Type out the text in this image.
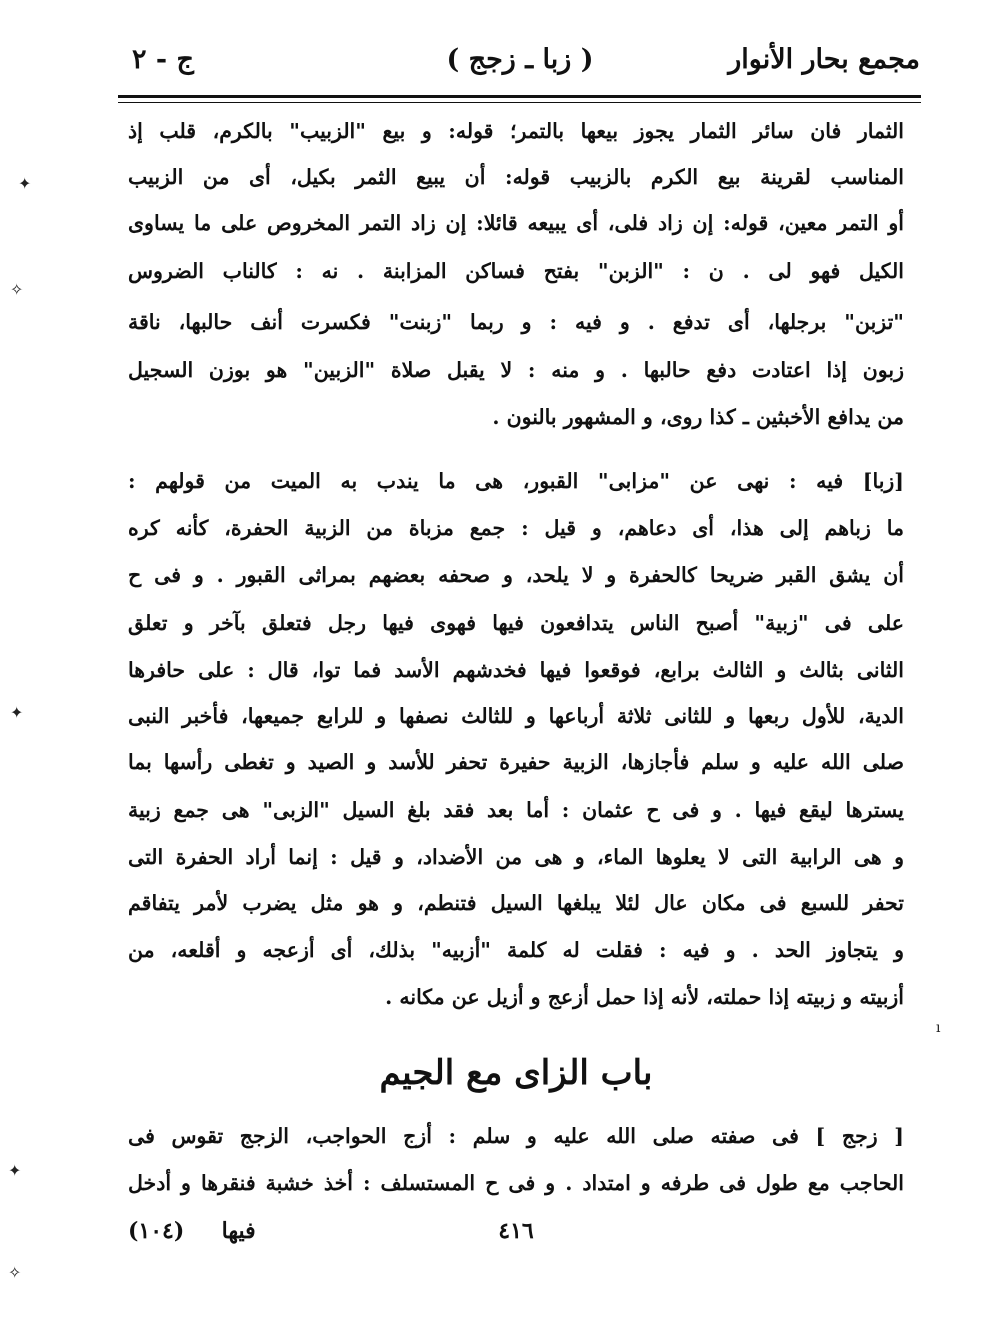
مجمع بحار الأنوار
( زبا ـ زجج )
ج - ٢
الثمار فان سائر الثمار يجوز بيعها بالتمر؛ قوله: و بيع "الزبيب" بالكرم، قلب إذ
المناسب لقرينة بيع الكرم بالزبيب قوله: أن يبيع الثمر بكيل، أى من الزبيب
أو التمر معين، قوله: إن زاد فلى، أى يبيعه قائلا: إن زاد التمر المخروص على ما يساوى
الكيل فهو لى . ن : "الزبن" بفتح فساكن المزابنة . نه : كالناب الضروس
"تزبن" برجلها، أى تدفع . و فيه : و ربما "زبنت" فكسرت أنف حالبها، ناقة
زبون إذا اعتادت دفع حالبها . و منه : لا يقبل صلاة "الزبين" هو بوزن السجيل
من يدافع الأخبثين ـ كذا روى، و المشهور بالنون .
[زبا] فيه : نهى عن "مزابى" القبور، هى ما يندب به الميت من قولهم :
ما زباهم إلى هذا، أى دعاهم، و قيل : جمع مزباة من الزبية الحفرة، كأنه كره
أن يشق القبر ضريحا كالحفرة و لا يلحد، و صحفه بعضهم بمراثى القبور . و فى ح
على فى "زبية" أصبح الناس يتدافعون فيها فهوى فيها رجل فتعلق بآخر و تعلق
الثانى بثالث و الثالث برابع، فوقعوا فيها فخدشهم الأسد فما توا، قال : على حافرها
الدية، للأول ربعها و للثانى ثلاثة أرباعها و للثالث نصفها و للرابع جميعها، فأخبر النبى
صلى الله عليه و سلم فأجازها، الزبية حفيرة تحفر للأسد و الصيد و تغطى رأسها بما
يسترها ليقع فيها . و فى ح عثمان : أما بعد فقد بلغ السيل "الزبى" هى جمع زبية
و هى الرابية التى لا يعلوها الماء، و هى من الأضداد، و قيل : إنما أراد الحفرة التى
تحفر للسبع فى مكان عال لئلا يبلغها السيل فتنطم، و هو مثل يضرب لأمر يتفاقم
و يتجاوز الحد . و فيه : فقلت له كلمة "أزبيه" بذلك، أى أزعجه و أقلعه، من
أزبيته و زبيته إذا حملته، لأنه إذا حمل أزعج و أزيل عن مكانه .
باب الزاى مع الجيم
[ زجج ] فى صفته صلى الله عليه و سلم : أزج الحواجب، الزجج تقوس فى
الحاجب مع طول فى طرفه و امتداد . و فى ح المستسلف : أخذ خشبة فنقرها و أدخل
٤١٦
فيها  (١٠٤)
✦
✧
✦
✦
✧
ı
